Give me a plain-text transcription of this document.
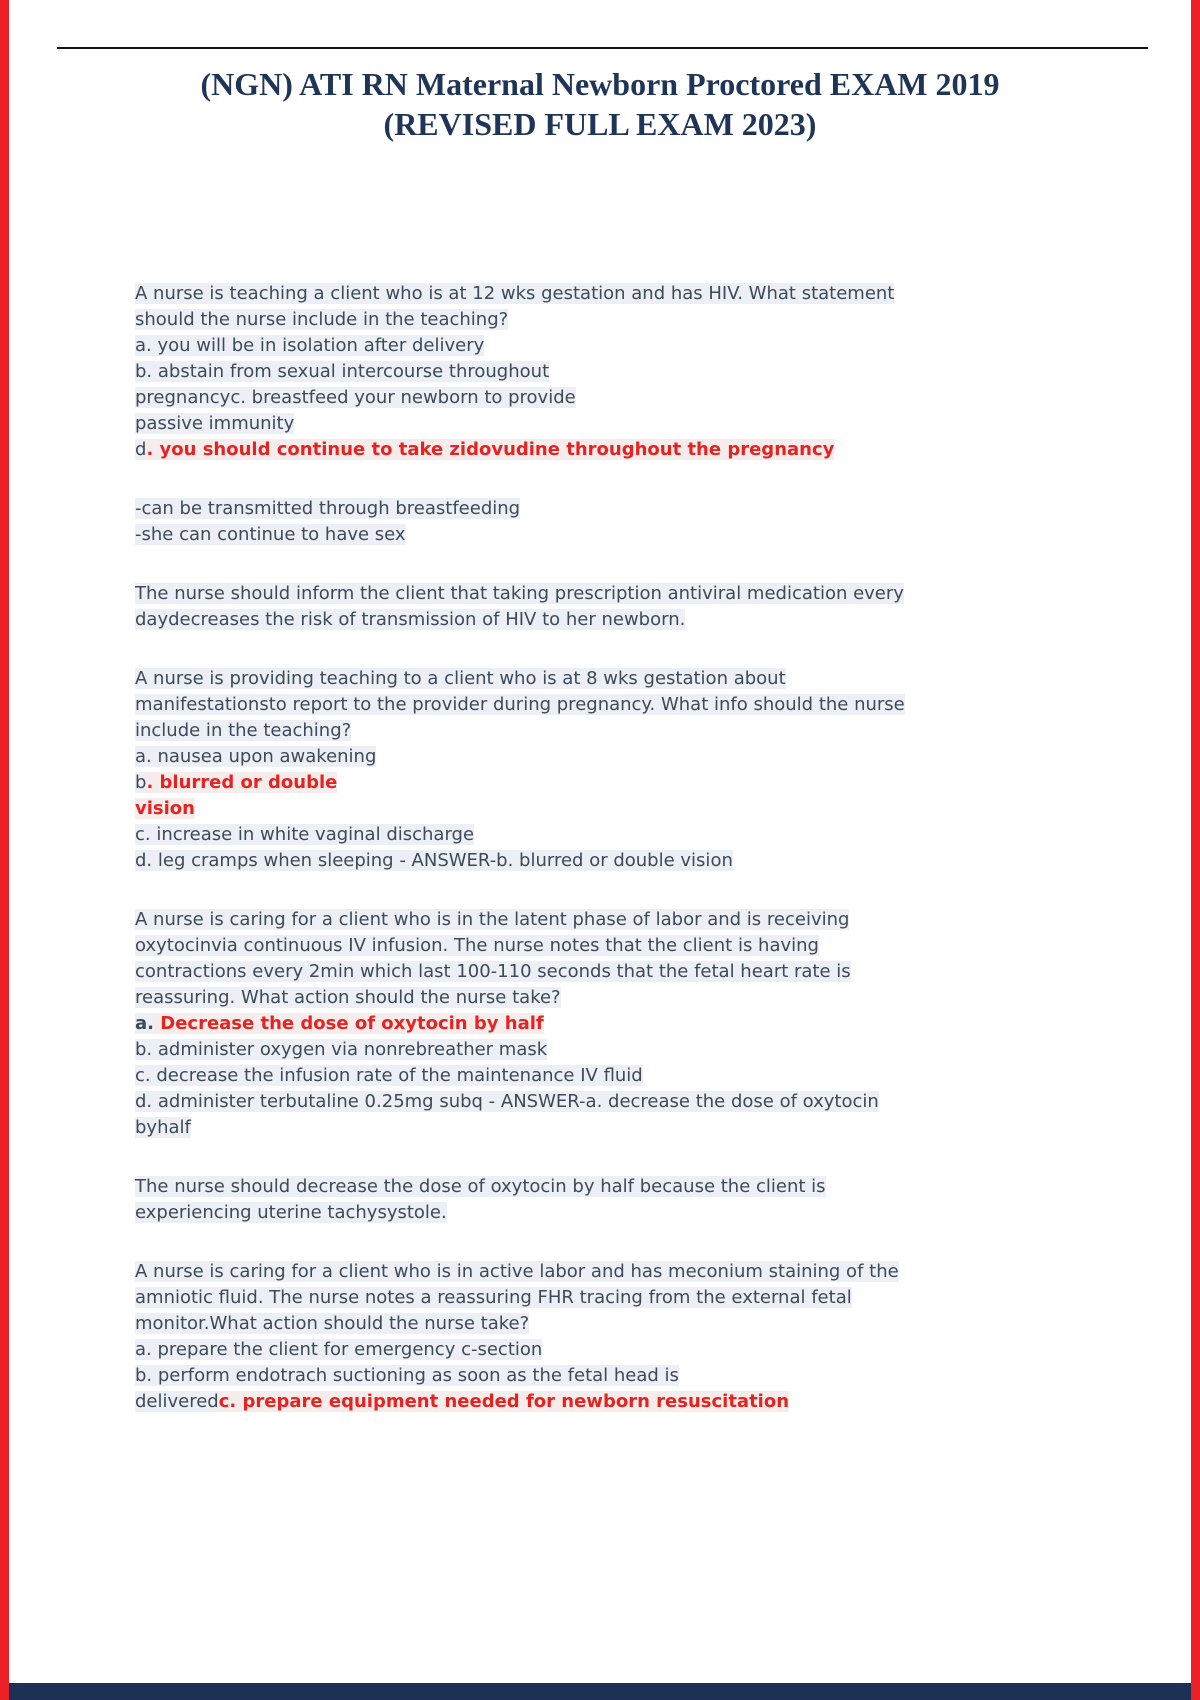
(NGN) ATI RN Maternal Newborn Proctored EXAM 2019
(REVISED FULL EXAM 2023)

A nurse is teaching a client who is at 12 wks gestation and has HIV. What statement
should the nurse include in the teaching?
a. you will be in isolation after delivery
b. abstain from sexual intercourse throughout
pregnancyc. breastfeed your newborn to provide
passive immunity
d. you should continue to take zidovudine throughout the pregnancy

-can be transmitted through breastfeeding
-she can continue to have sex

The nurse should inform the client that taking prescription antiviral medication every
daydecreases the risk of transmission of HIV to her newborn.

A nurse is providing teaching to a client who is at 8 wks gestation about
manifestationsto report to the provider during pregnancy. What info should the nurse
include in the teaching?
a. nausea upon awakening
b. blurred or double
vision
c. increase in white vaginal discharge
d. leg cramps when sleeping - ANSWER-b. blurred or double vision

A nurse is caring for a client who is in the latent phase of labor and is receiving
oxytocinvia continuous IV infusion. The nurse notes that the client is having
contractions every 2min which last 100-110 seconds that the fetal heart rate is
reassuring. What action should the nurse take?
a. Decrease the dose of oxytocin by half
b. administer oxygen via nonrebreather mask
c. decrease the infusion rate of the maintenance IV fluid
d. administer terbutaline 0.25mg subq - ANSWER-a. decrease the dose of oxytocin
byhalf

The nurse should decrease the dose of oxytocin by half because the client is
experiencing uterine tachysystole.

A nurse is caring for a client who is in active labor and has meconium staining of the
amniotic fluid. The nurse notes a reassuring FHR tracing from the external fetal
monitor.What action should the nurse take?
a. prepare the client for emergency c-section
b. perform endotrach suctioning as soon as the fetal head is
deliveredc. prepare equipment needed for newborn resuscitation
